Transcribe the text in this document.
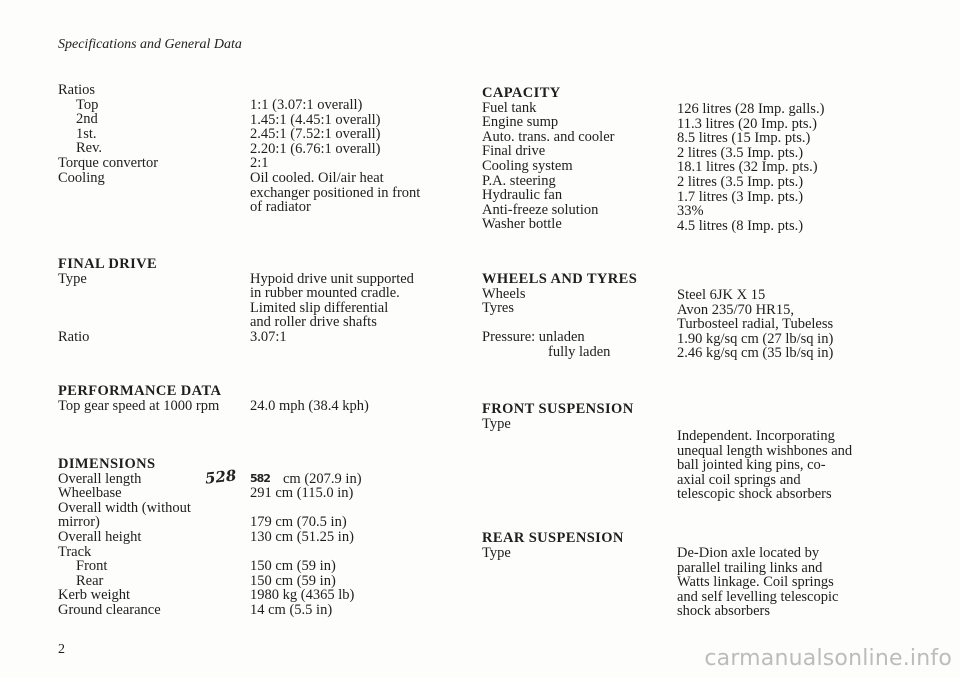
Specifications and General Data
Ratios
Top
2nd
1st.
Rev.
Torque convertor
Cooling
1:1 (3.07:1 overall)
1.45:1 (4.45:1 overall)
2.45:1 (7.52:1 overall)
2.20:1 (6.76:1 overall)
2:1
Oil cooled. Oil/air heat
exchanger positioned in front
of radiator
FINAL DRIVE
Type
Ratio
Hypoid drive unit supported
in rubber mounted cradle.
Limited slip differential
and roller drive shafts
3.07:1
PERFORMANCE DATA
Top gear speed at 1000 rpm 24.0 mph (38.4 kph)
DIMENSIONS
Overall length
Wheelbase
Overall width (without
mirror)
Overall height
Track
Front
Rear
Kerb weight
Ground clearance
cm (207.9 in)
291 cm (115.0 in)
179 cm (70.5 in)
130 cm (51.25 in)
150 cm (59 in)
150 cm (59 in)
1980 kg (4365 lb)
14 cm (5.5 in)
528 582
CAPACITY
Fuel tank
Engine sump
Auto. trans. and cooler
Final drive
Cooling system
P.A. steering
Hydraulic fan
Anti-freeze solution
Washer bottle
126 litres (28 Imp. galls.)
11.3 litres (20 Imp. pts.)
8.5 litres (15 Imp. pts.)
2 litres (3.5 Imp. pts.)
18.1 litres (32 Imp. pts.)
2 litres (3.5 Imp. pts.)
1.7 litres (3 Imp. pts.)
33%
4.5 litres (8 Imp. pts.)
WHEELS AND TYRES
Wheels
Tyres
Pressure: unladen
fully laden
Steel 6JK X 15
Avon 235/70 HR15,
Turbosteel radial, Tubeless
1.90 kg/sq cm (27 lb/sq in)
2.46 kg/sq cm (35 lb/sq in)
FRONT SUSPENSION
Type
Independent. Incorporating
unequal length wishbones and
ball jointed king pins, co-
axial coil springs and
telescopic shock absorbers
REAR SUSPENSION
Type	De-Dion axle located by
parallel trailing links and
Watts linkage. Coil springs
and self levelling telescopic
shock absorbers
2	carmanualsonline.info
